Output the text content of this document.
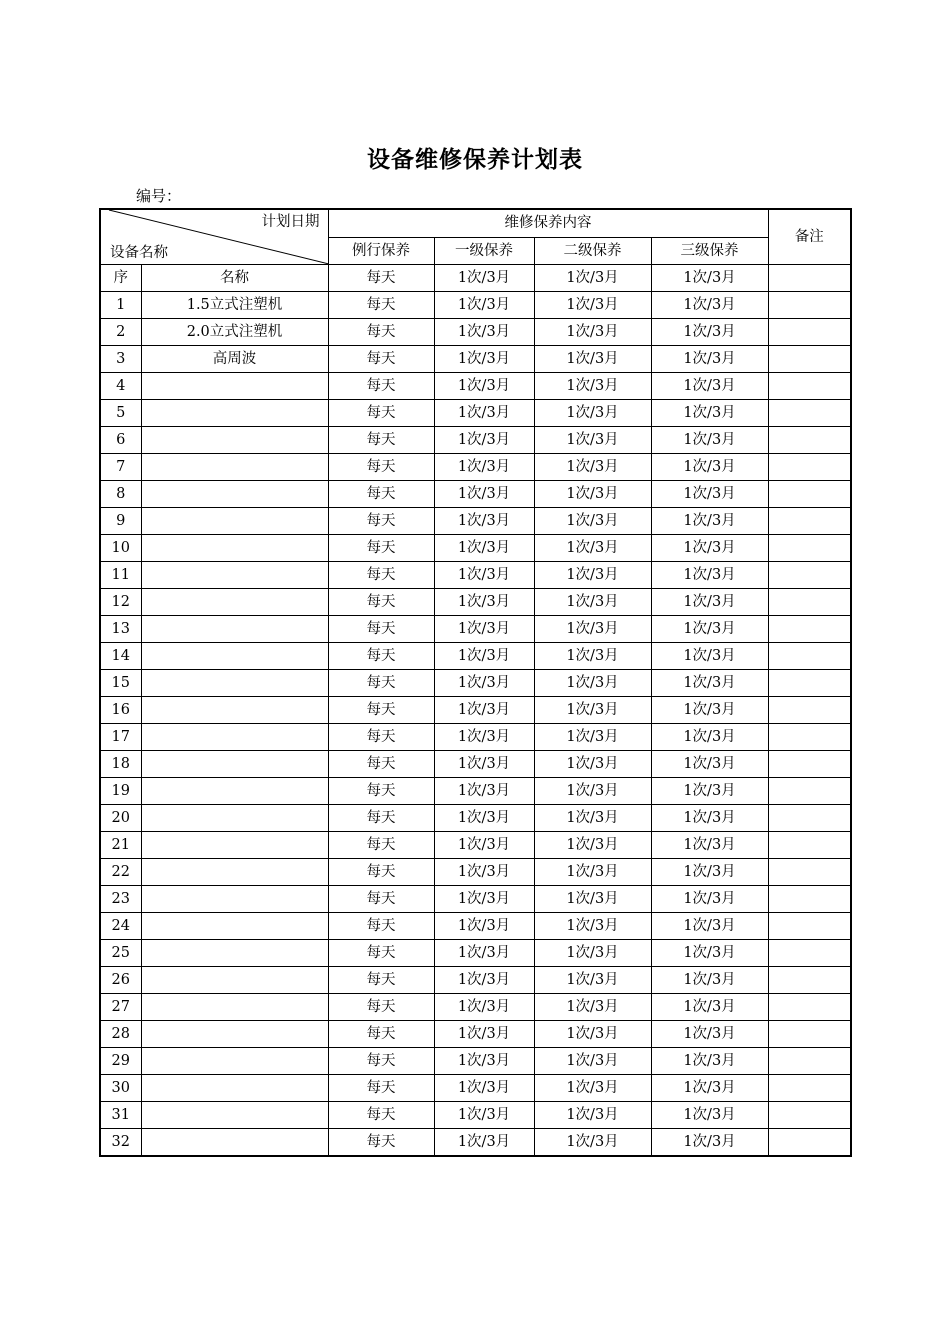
设备维修保养计划表
编号：
计划日期
设备名称		维修保养内容				备注
		例行保养	一级保养	二级保养	三级保养	
序	名称	每天	1次/3月	1次/3月	1次/3月	
1	1.5立式注塑机	每天	1次/3月	1次/3月	1次/3月	
2	2.0立式注塑机	每天	1次/3月	1次/3月	1次/3月	
3	高周波	每天	1次/3月	1次/3月	1次/3月	
4		每天	1次/3月	1次/3月	1次/3月	
5		每天	1次/3月	1次/3月	1次/3月	
6		每天	1次/3月	1次/3月	1次/3月	
7		每天	1次/3月	1次/3月	1次/3月	
8		每天	1次/3月	1次/3月	1次/3月	
9		每天	1次/3月	1次/3月	1次/3月	
10		每天	1次/3月	1次/3月	1次/3月	
11		每天	1次/3月	1次/3月	1次/3月	
12		每天	1次/3月	1次/3月	1次/3月	
13		每天	1次/3月	1次/3月	1次/3月	
14		每天	1次/3月	1次/3月	1次/3月	
15		每天	1次/3月	1次/3月	1次/3月	
16		每天	1次/3月	1次/3月	1次/3月	
17		每天	1次/3月	1次/3月	1次/3月	
18		每天	1次/3月	1次/3月	1次/3月	
19		每天	1次/3月	1次/3月	1次/3月	
20		每天	1次/3月	1次/3月	1次/3月	
21		每天	1次/3月	1次/3月	1次/3月	
22		每天	1次/3月	1次/3月	1次/3月	
23		每天	1次/3月	1次/3月	1次/3月	
24		每天	1次/3月	1次/3月	1次/3月	
25		每天	1次/3月	1次/3月	1次/3月	
26		每天	1次/3月	1次/3月	1次/3月	
27		每天	1次/3月	1次/3月	1次/3月	
28		每天	1次/3月	1次/3月	1次/3月	
29		每天	1次/3月	1次/3月	1次/3月	
30		每天	1次/3月	1次/3月	1次/3月	
31		每天	1次/3月	1次/3月	1次/3月	
32		每天	1次/3月	1次/3月	1次/3月	
